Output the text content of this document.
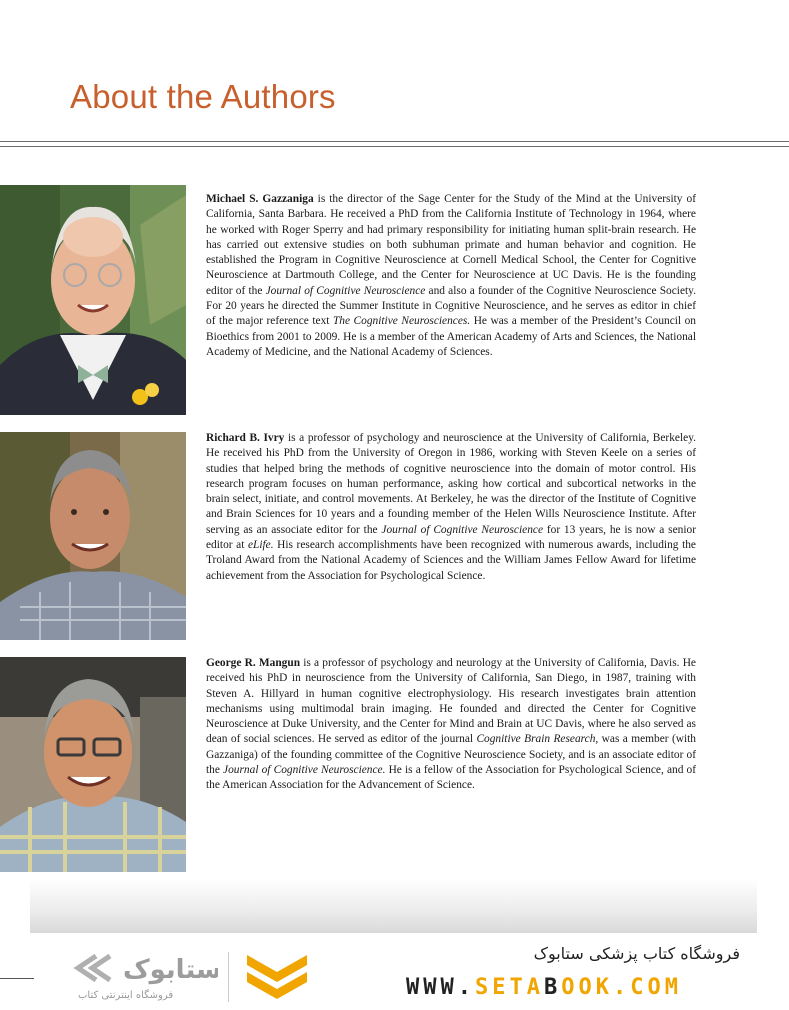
About the Authors
Michael S. Gazzaniga is the director of the Sage Center for the Study of the Mind at the University of California, Santa Barbara. He received a PhD from the California Institute of Technology in 1964, where he worked with Roger Sperry and had primary responsibility for initiating human split-brain research. He has carried out extensive studies on both subhuman primate and human behavior and cognition. He established the Program in Cognitive Neuroscience at Cornell Medical School, the Center for Cognitive Neuroscience at Dartmouth College, and the Center for Neuroscience at UC Davis. He is the founding editor of the Journal of Cognitive Neuroscience and also a founder of the Cognitive Neuroscience Society. For 20 years he directed the Summer Institute in Cognitive Neuroscience, and he serves as editor in chief of the major reference text The Cognitive Neurosciences. He was a member of the President’s Council on Bioethics from 2001 to 2009. He is a member of the American Academy of Arts and Sciences, the National Academy of Medicine, and the National Academy of Sciences.
Richard B. Ivry is a professor of psychology and neuroscience at the University of California, Berkeley. He received his PhD from the University of Oregon in 1986, working with Steven Keele on a series of studies that helped bring the methods of cognitive neuroscience into the domain of motor control. His research program focuses on human performance, asking how cortical and subcortical networks in the brain select, initiate, and control movements. At Berkeley, he was the director of the Institute of Cognitive and Brain Sciences for 10 years and a founding member of the Helen Wills Neuroscience Institute. After serving as an associate editor for the Journal of Cognitive Neuroscience for 13 years, he is now a senior editor at eLife. His research accomplishments have been recognized with numerous awards, including the Troland Award from the National Academy of Sciences and the William James Fellow Award for lifetime achievement from the Association for Psychological Science.
George R. Mangun is a professor of psychology and neurology at the University of California, Davis. He received his PhD in neuroscience from the University of California, San Diego, in 1987, training with Steven A. Hillyard in human cognitive electrophysiology. His research investigates brain attention mechanisms using multimodal brain imaging. He founded and directed the Center for Cognitive Neuroscience at Duke University, and the Center for Mind and Brain at UC Davis, where he also served as dean of social sciences. He served as editor of the journal Cognitive Brain Research, was a member (with Gazzaniga) of the founding committee of the Cognitive Neuroscience Society, and is an associate editor of the Journal of Cognitive Neuroscience. He is a fellow of the Association for Psychological Science, and of the American Association for the Advancement of Science.
ستابوک
فروشگاه اینترنتی کتاب
فروشگاه کتاب پزشکی ستابوک
WWW.SETABOOK.COM
